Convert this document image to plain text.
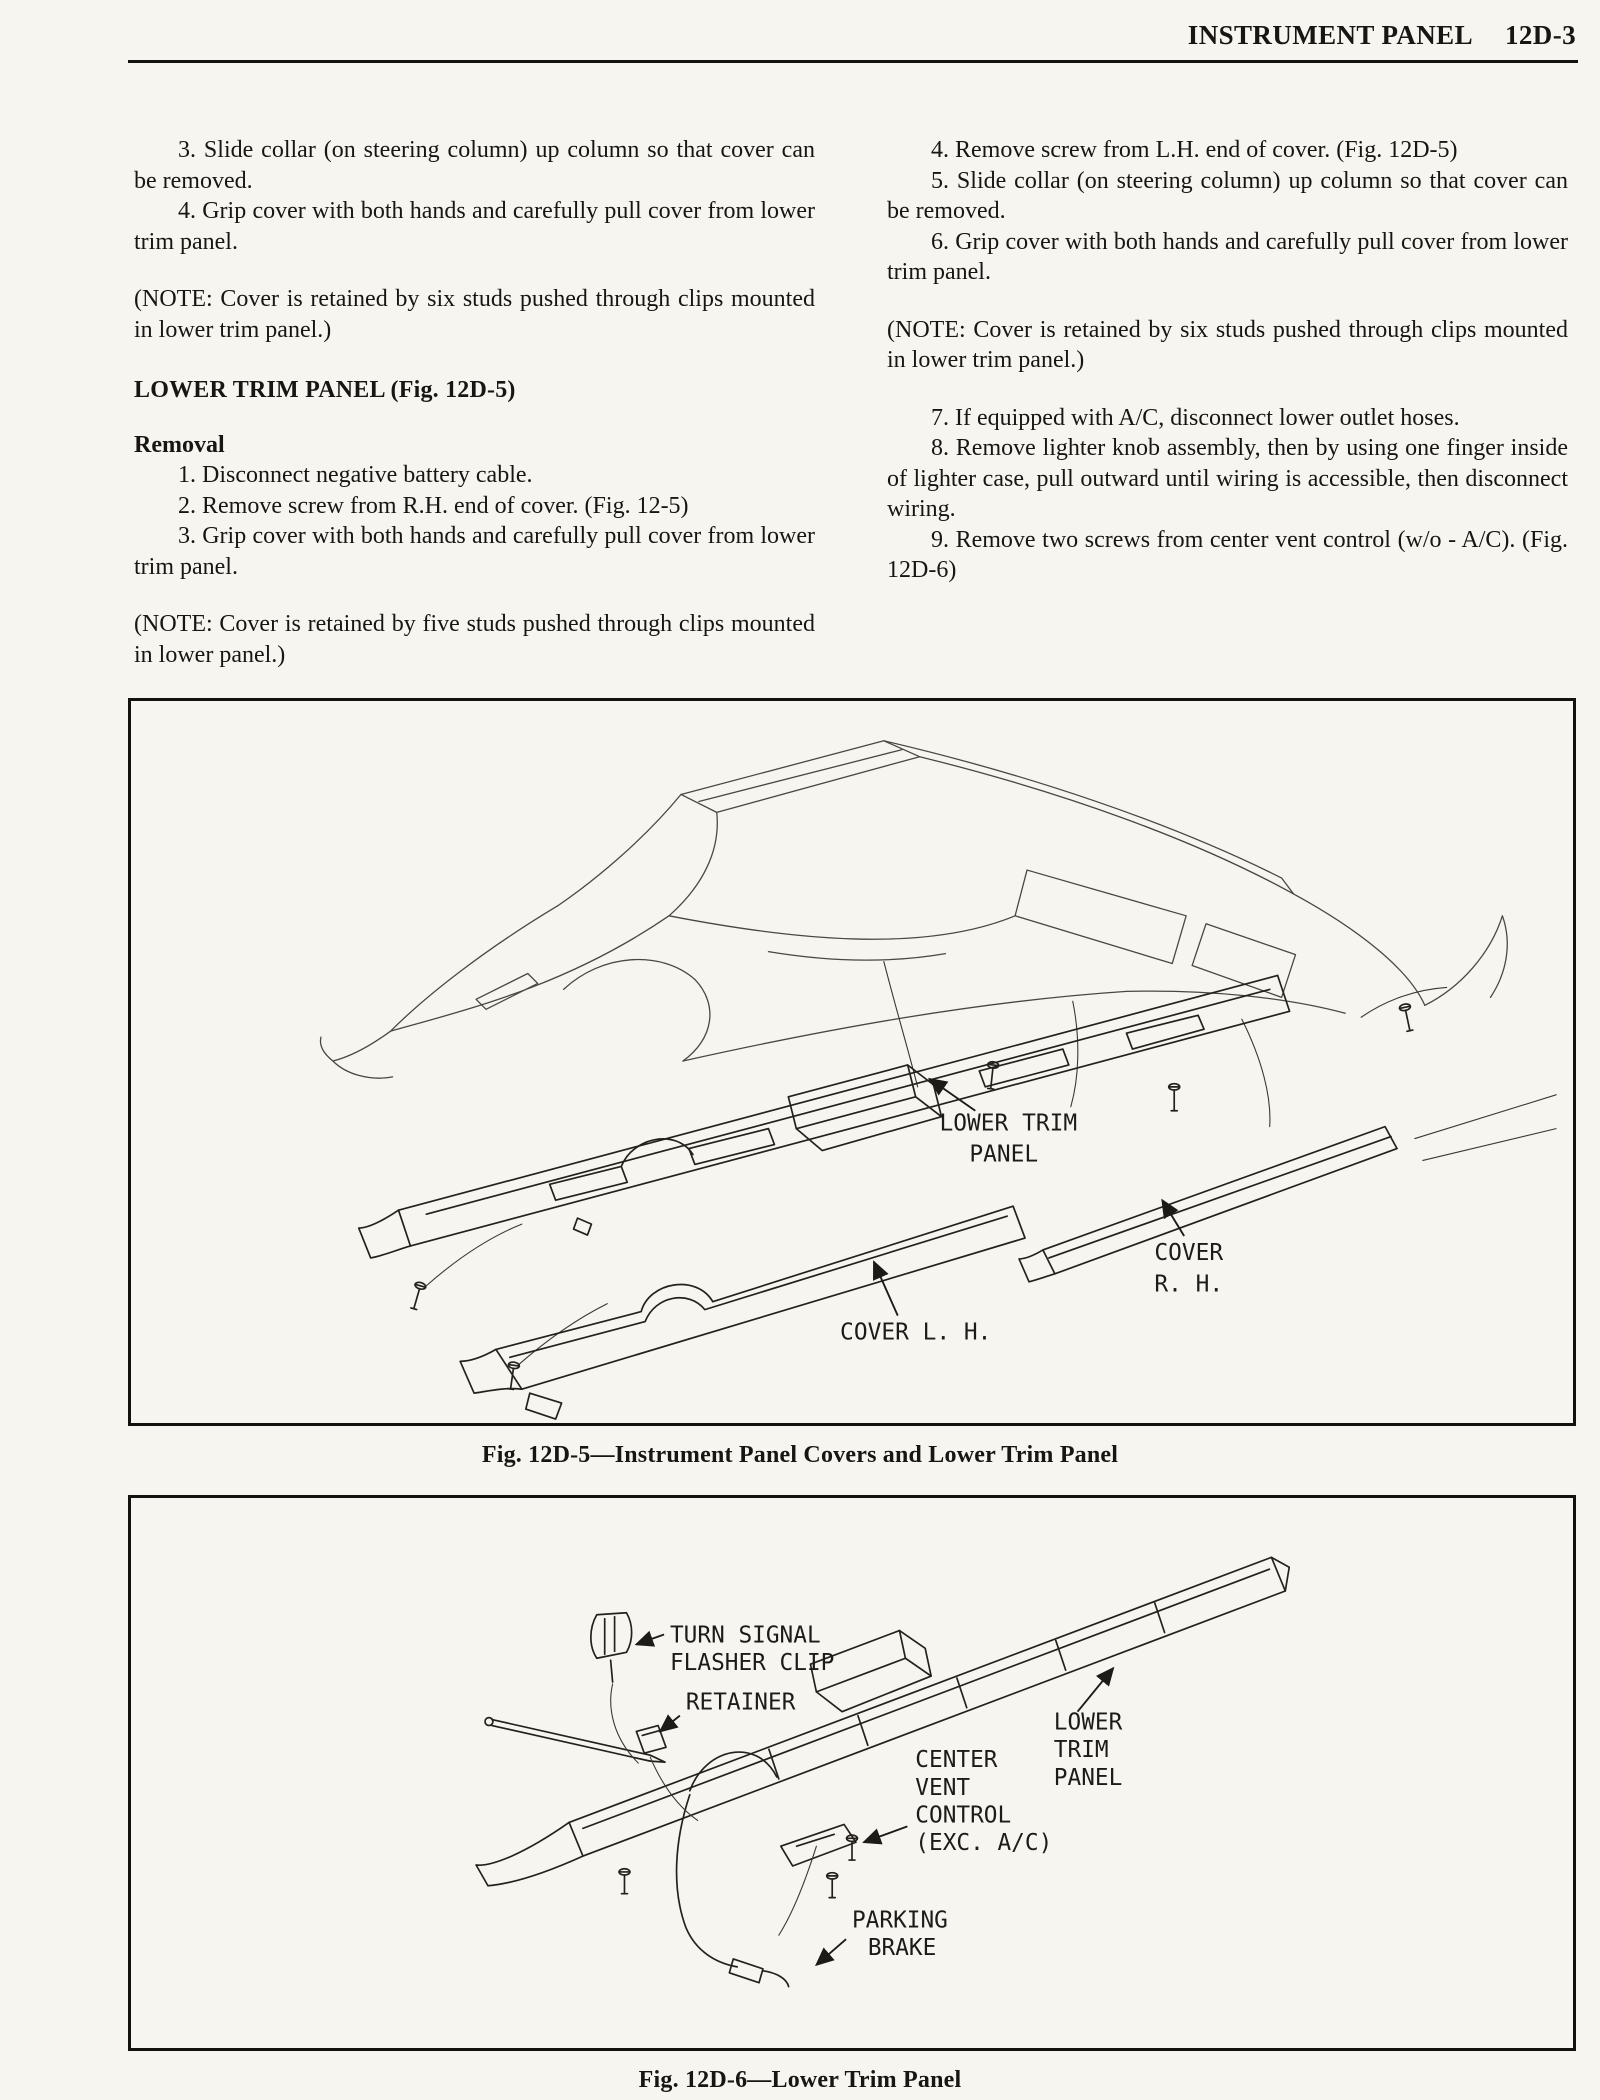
INSTRUMENT PANEL 12D-3

3. Slide collar (on steering column) up column so that cover can be removed.

4. Grip cover with both hands and carefully pull cover from lower trim panel.

(NOTE: Cover is retained by six studs pushed through clips mounted in lower trim panel.)

LOWER TRIM PANEL (Fig. 12D-5)
Removal

1. Disconnect negative battery cable.

2. Remove screw from R.H. end of cover. (Fig. 12-5)

3. Grip cover with both hands and carefully pull cover from lower trim panel.

(NOTE: Cover is retained by five studs pushed through clips mounted in lower panel.)

4. Remove screw from L.H. end of cover. (Fig. 12D-5)

5. Slide collar (on steering column) up column so that cover can be removed.

6. Grip cover with both hands and carefully pull cover from lower trim panel.

(NOTE: Cover is retained by six studs pushed through clips mounted in lower trim panel.)

7. If equipped with A/C, disconnect lower outlet hoses.

8. Remove lighter knob assembly, then by using one finger inside of lighter case, pull outward until wiring is accessible, then disconnect wiring.

9. Remove two screws from center vent control (w/o - A/C). (Fig. 12D-6)

LOWER TRIM
PANEL
COVER
R. H.
COVER L. H.
Fig. 12D-5—Instrument Panel Covers and Lower Trim Panel
TURN SIGNAL
FLASHER CLIP
RETAINER
CENTER
VENT
CONTROL
(EXC. A/C)
LOWER
TRIM
PANEL
PARKING
BRAKE
Fig. 12D-6—Lower Trim Panel
